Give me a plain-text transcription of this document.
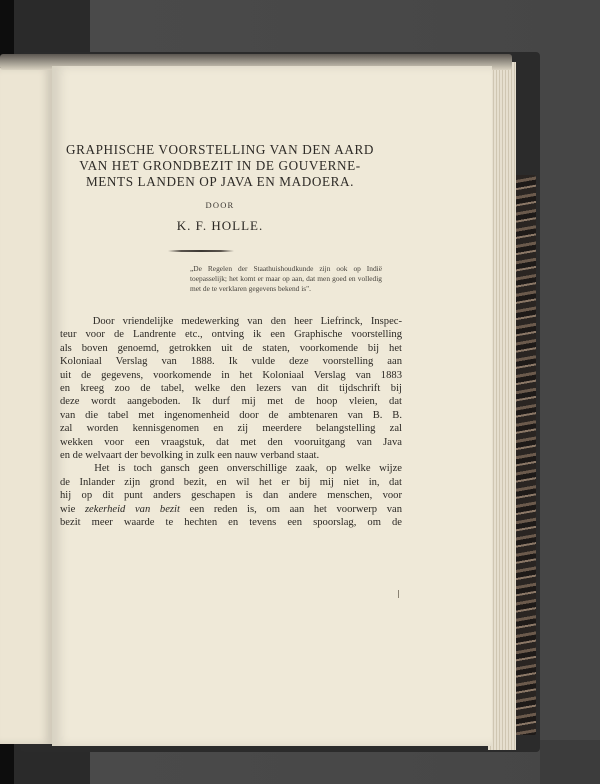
GRAPHISCHE VOORSTELLING VAN DEN AARD
VAN HET GRONDBEZIT IN DE GOUVERNE-
MENTS LANDEN OP JAVA EN MADOERA.
DOOR
K. F. HOLLE.
„De Regelen der Staathuishoudkunde zijn ook op Indië toepasselijk; het komt er maar op aan, dat men goed en volledig met de te verklaren gegevens bekend is".
Door vriendelijke medewerking van den heer Liefrinck, Inspec-
teur voor de Landrente etc., ontving ik een Graphische voorstelling
als boven genoemd, getrokken uit de staten, voorkomende bij het
Koloniaal Verslag van 1888. Ik vulde deze voorstelling aan
uit de gegevens, voorkomende in het Koloniaal Verslag van 1883
en kreeg zoo de tabel, welke den lezers van dit tijdschrift bij
deze wordt aangeboden. Ik durf mij met de hoop vleien, dat
van die tabel met ingenomenheid door de ambtenaren van B. B.
zal worden kennisgenomen en zij meerdere belangstelling zal
wekken voor een vraagstuk, dat met den vooruitgang van Java
en de welvaart der bevolking in zulk een nauw verband staat.
Het is toch gansch geen onverschillige zaak, op welke wijze
de Inlander zijn grond bezit, en wil het er bij mij niet in, dat
hij op dit punt anders geschapen is dan andere menschen, voor
wie zekerheid van bezit een reden is, om aan het voorwerp van
bezit meer waarde te hechten en tevens een spoorslag, om de
